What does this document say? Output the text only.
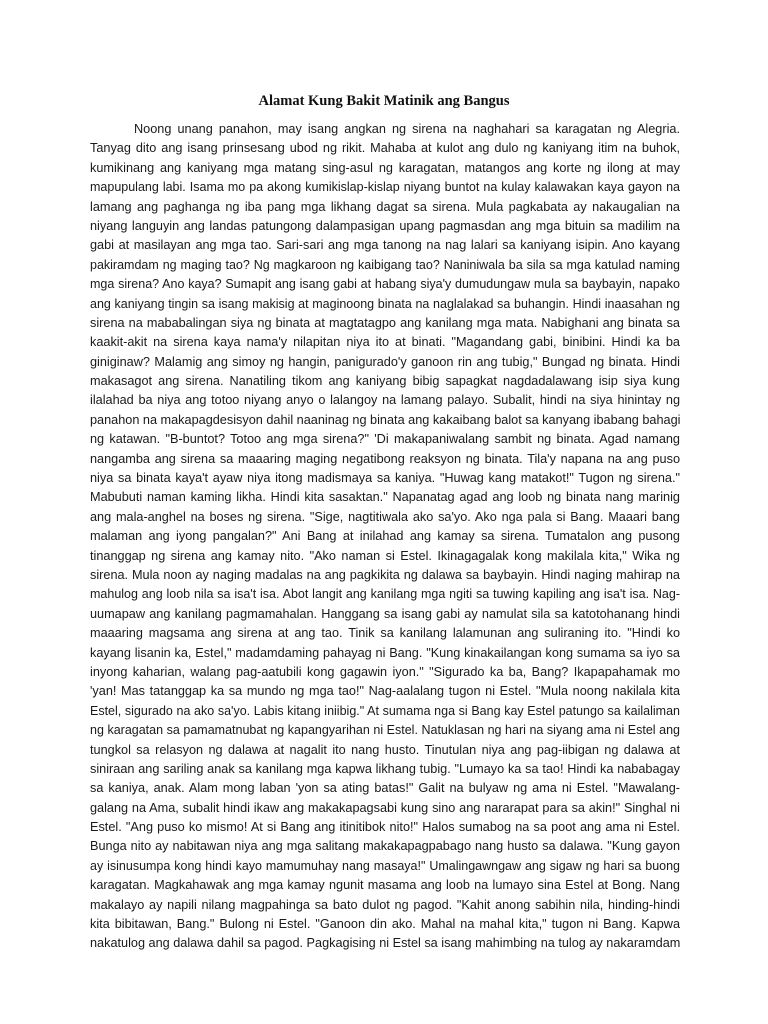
Alamat Kung Bakit Matinik ang Bangus
Noong unang panahon, may isang angkan ng sirena na naghahari sa karagatan ng Alegria.
Tanyag dito ang isang prinsesang ubod ng rikit. Mahaba at kulot ang dulo ng kaniyang itim na buhok,
kumikinang ang kaniyang mga matang sing-asul ng karagatan, matangos ang korte ng ilong at may
mapupulang labi. Isama mo pa akong kumikislap-kislap niyang buntot na kulay kalawakan kaya gayon na
lamang ang paghanga ng iba pang mga likhang dagat sa sirena. Mula pagkabata ay nakaugalian na
niyang languyin ang landas patungong dalampasigan upang pagmasdan ang mga bituin sa madilim na
gabi at masilayan ang mga tao. Sari-sari ang mga tanong na nag lalari sa kaniyang isipin. Ano kayang
pakiramdam ng maging tao? Ng magkaroon ng kaibigang tao? Naniniwala ba sila sa mga katulad naming
mga sirena? Ano kaya? Sumapit ang isang gabi at habang siya'y dumudungaw mula sa baybayin, napako
ang kaniyang tingin sa isang makisig at maginoong binata na naglalakad sa buhangin. Hindi inaasahan ng
sirena na mababalingan siya ng binata at magtatagpo ang kanilang mga mata. Nabighani ang binata sa
kaakit-akit na sirena kaya nama'y nilapitan niya ito at binati. "Magandang gabi, binibini. Hindi ka ba
giniginaw? Malamig ang simoy ng hangin, panigurado'y ganoon rin ang tubig," Bungad ng binata. Hindi
makasagot ang sirena. Nanatiling tikom ang kaniyang bibig sapagkat nagdadalawang isip siya kung
ilalahad ba niya ang totoo niyang anyo o lalangoy na lamang palayo. Subalit, hindi na siya hinintay ng
panahon na makapagdesisyon dahil naaninag ng binata ang kakaibang balot sa kanyang ibabang bahagi
ng katawan. "B-buntot? Totoo ang mga sirena?" 'Di makapaniwalang sambit ng binata. Agad namang
nangamba ang sirena sa maaaring maging negatibong reaksyon ng binata. Tila'y napana na ang puso
niya sa binata kaya't ayaw niya itong madismaya sa kaniya. "Huwag kang matakot!" Tugon ng sirena."
Mabubuti naman kaming likha. Hindi kita sasaktan." Napanatag agad ang loob ng binata nang marinig
ang mala-anghel na boses ng sirena. "Sige, nagtitiwala ako sa'yo. Ako nga pala si Bang. Maaari bang
malaman ang iyong pangalan?" Ani Bang at inilahad ang kamay sa sirena. Tumatalon ang pusong
tinanggap ng sirena ang kamay nito. "Ako naman si Estel. Ikinagagalak kong makilala kita," Wika ng
sirena. Mula noon ay naging madalas na ang pagkikita ng dalawa sa baybayin. Hindi naging mahirap na
mahulog ang loob nila sa isa't isa. Abot langit ang kanilang mga ngiti sa tuwing kapiling ang isa't isa. Nag-
uumapaw ang kanilang pagmamahalan. Hanggang sa isang gabi ay namulat sila sa katotohanang hindi
maaaring magsama ang sirena at ang tao. Tinik sa kanilang lalamunan ang suliraning ito. "Hindi ko
kayang lisanin ka, Estel," madamdaming pahayag ni Bang. "Kung kinakailangan kong sumama sa iyo sa
inyong kaharian, walang pag-aatubili kong gagawin iyon." "Sigurado ka ba, Bang? Ikapapahamak mo
'yan! Mas tatanggap ka sa mundo ng mga tao!" Nag-aalalang tugon ni Estel. "Mula noong nakilala kita
Estel, sigurado na ako sa'yo. Labis kitang iniibig." At sumama nga si Bang kay Estel patungo sa kailaliman
ng karagatan sa pamamatnubat ng kapangyarihan ni Estel. Natuklasan ng hari na siyang ama ni Estel ang
tungkol sa relasyon ng dalawa at nagalit ito nang husto. Tinutulan niya ang pag-iibigan ng dalawa at
siniraan ang sariling anak sa kanilang mga kapwa likhang tubig. "Lumayo ka sa tao! Hindi ka nababagay
sa kaniya, anak. Alam mong laban 'yon sa ating batas!" Galit na bulyaw ng ama ni Estel. "Mawalang-
galang na Ama, subalit hindi ikaw ang makakapagsabi kung sino ang nararapat para sa akin!" Singhal ni
Estel. "Ang puso ko mismo! At si Bang ang itinitibok nito!" Halos sumabog na sa poot ang ama ni Estel.
Bunga nito ay nabitawan niya ang mga salitang makakapagpabago nang husto sa dalawa. "Kung gayon
ay isinusumpa kong hindi kayo mamumuhay nang masaya!" Umalingawngaw ang sigaw ng hari sa buong
karagatan. Magkahawak ang mga kamay ngunit masama ang loob na lumayo sina Estel at Bong. Nang
makalayo ay napili nilang magpahinga sa bato dulot ng pagod. "Kahit anong sabihin nila, hinding-hindi
kita bibitawan, Bang." Bulong ni Estel. "Ganoon din ako. Mahal na mahal kita," tugon ni Bang. Kapwa
nakatulog ang dalawa dahil sa pagod. Pagkagising ni Estel sa isang mahimbing na tulog ay nakaramdam
